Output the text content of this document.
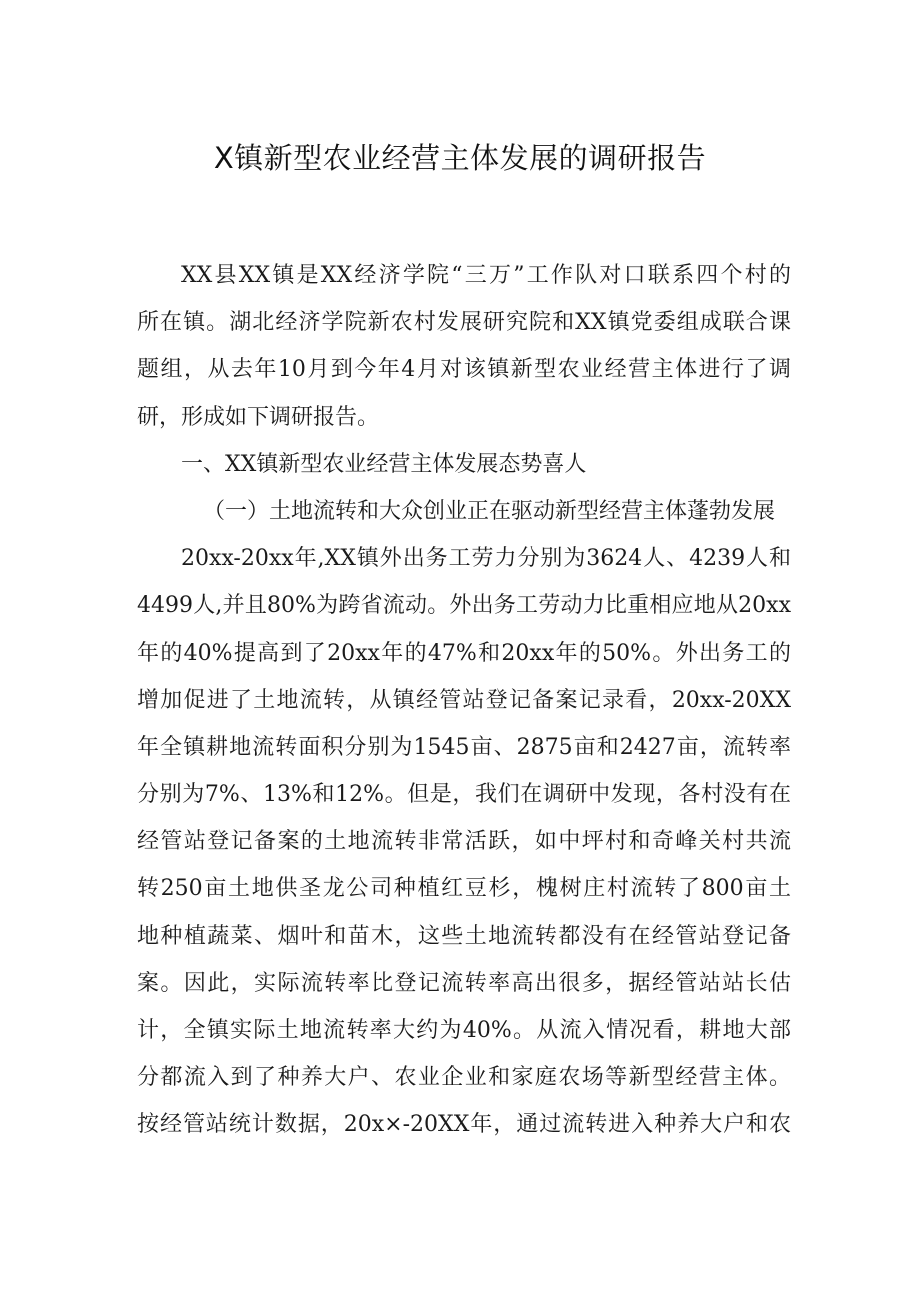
X镇新型农业经营主体发展的调研报告
XX县XX镇是XX经济学院“三万”工作队对口联系四个村的
所在镇。湖北经济学院新农村发展研究院和XX镇党委组成联合课
题组，从去年10月到今年4月对该镇新型农业经营主体进行了调
研，形成如下调研报告。
一、XX镇新型农业经营主体发展态势喜人
（一）土地流转和大众创业正在驱动新型经营主体蓬勃发展
20xx-20xx年,XX镇外出务工劳力分别为3624人、4239人和
4499人,并且80%为跨省流动。外出务工劳动力比重相应地从20xx
年的40%提高到了20xx年的47%和20xx年的50%。外出务工的
增加促进了土地流转，从镇经管站登记备案记录看，20xx-20XX
年全镇耕地流转面积分别为1545亩、2875亩和2427亩，流转率
分别为7%、13%和12%。但是，我们在调研中发现，各村没有在
经管站登记备案的土地流转非常活跃，如中坪村和奇峰关村共流
转250亩土地供圣龙公司种植红豆杉，槐树庄村流转了800亩土
地种植蔬菜、烟叶和苗木，这些土地流转都没有在经管站登记备
案。因此，实际流转率比登记流转率高出很多，据经管站站长估
计，全镇实际土地流转率大约为40%。从流入情况看，耕地大部
分都流入到了种养大户、农业企业和家庭农场等新型经营主体。
按经管站统计数据，20x×-20XX年，通过流转进入种养大户和农
